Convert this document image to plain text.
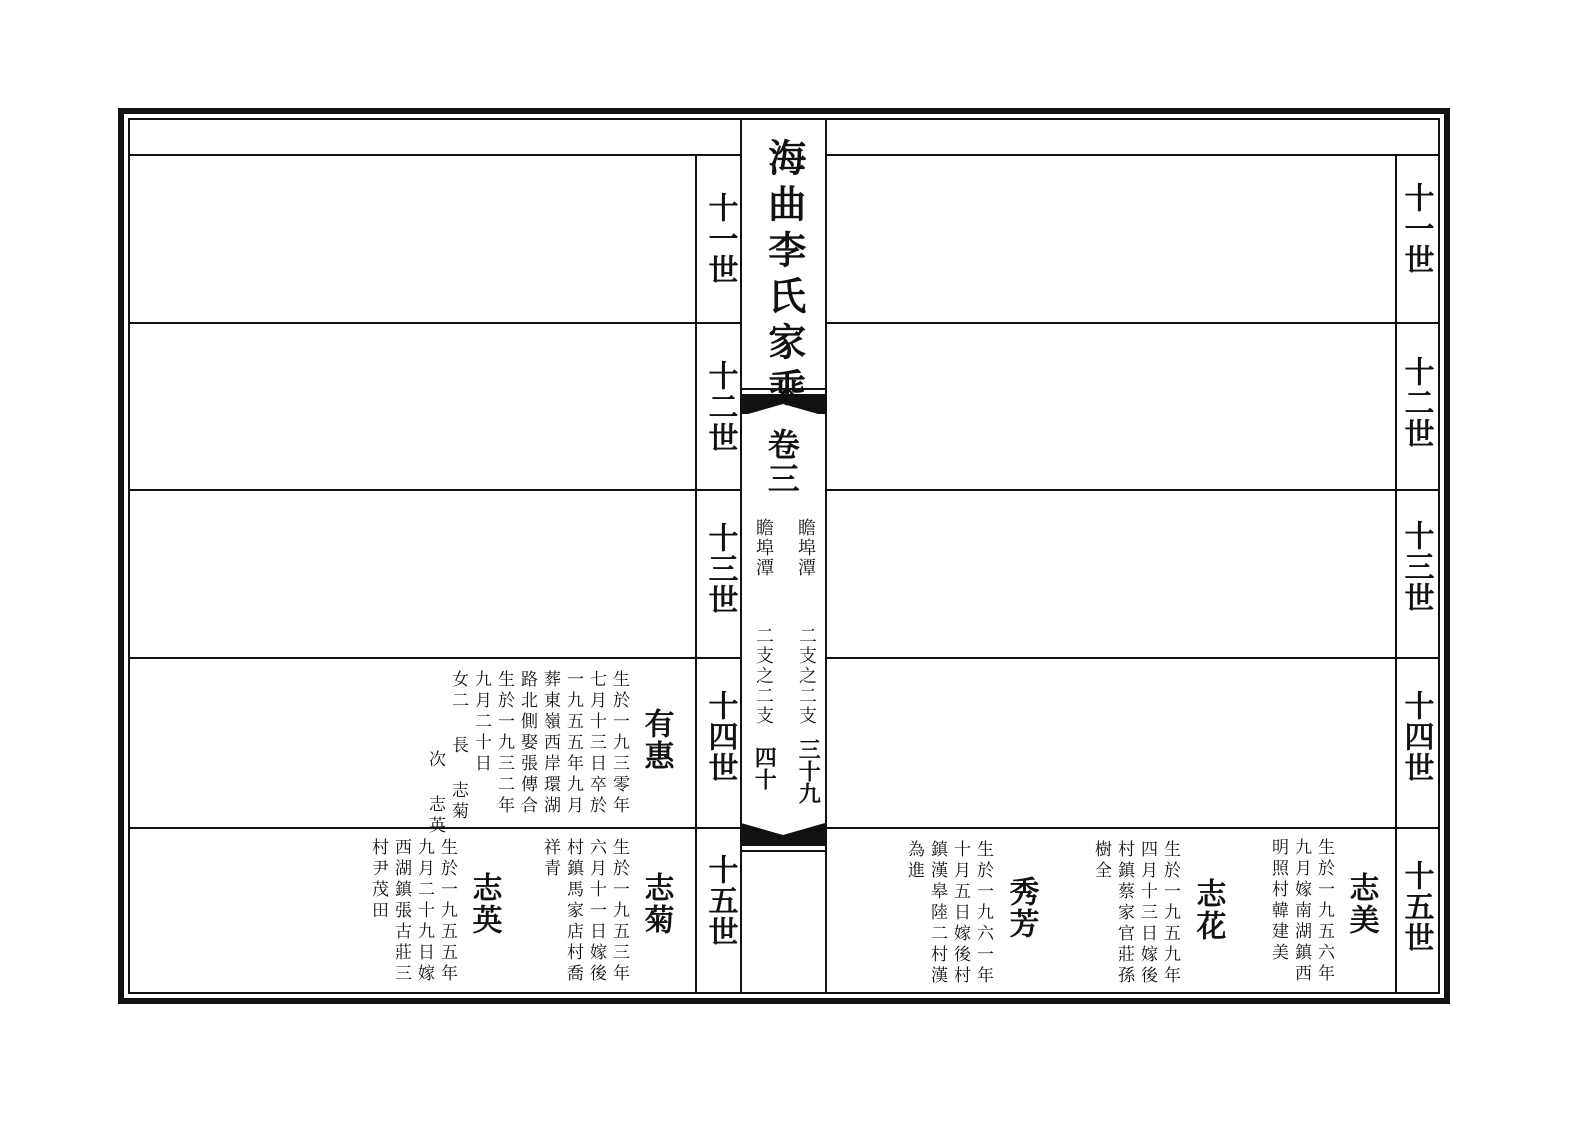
海曲李氏家乘
卷三
瞻埠潭
二支之二支
三十九
瞻埠潭
二支之二支
四十
十一世
十二世
十三世
十四世
十五世
十一世
十二世
十三世
十四世
十五世
有惠
生於一九三零年
七月十三日卒於
一九五五年九月
葬東嶺西岸環湖
路北側娶張傳合
生於一九三二年
九月二十日
女二 長 志菊
次 志英
志菊
生於一九五三年
六月十一日嫁後
村鎮馬家店村喬
祥青
志英
生於一九五五年
九月二十九日嫁
西湖鎮張古莊三
村尹茂田	志美
生於一九五六年
九月嫁南湖鎮西
明照村韓建美
志花
生於一九五九年
四月十三日嫁後
村鎮蔡家官莊孫
樹全
秀芳
生於一九六一年
十月五日嫁後村
鎮漢皋陸二村漢
為進
